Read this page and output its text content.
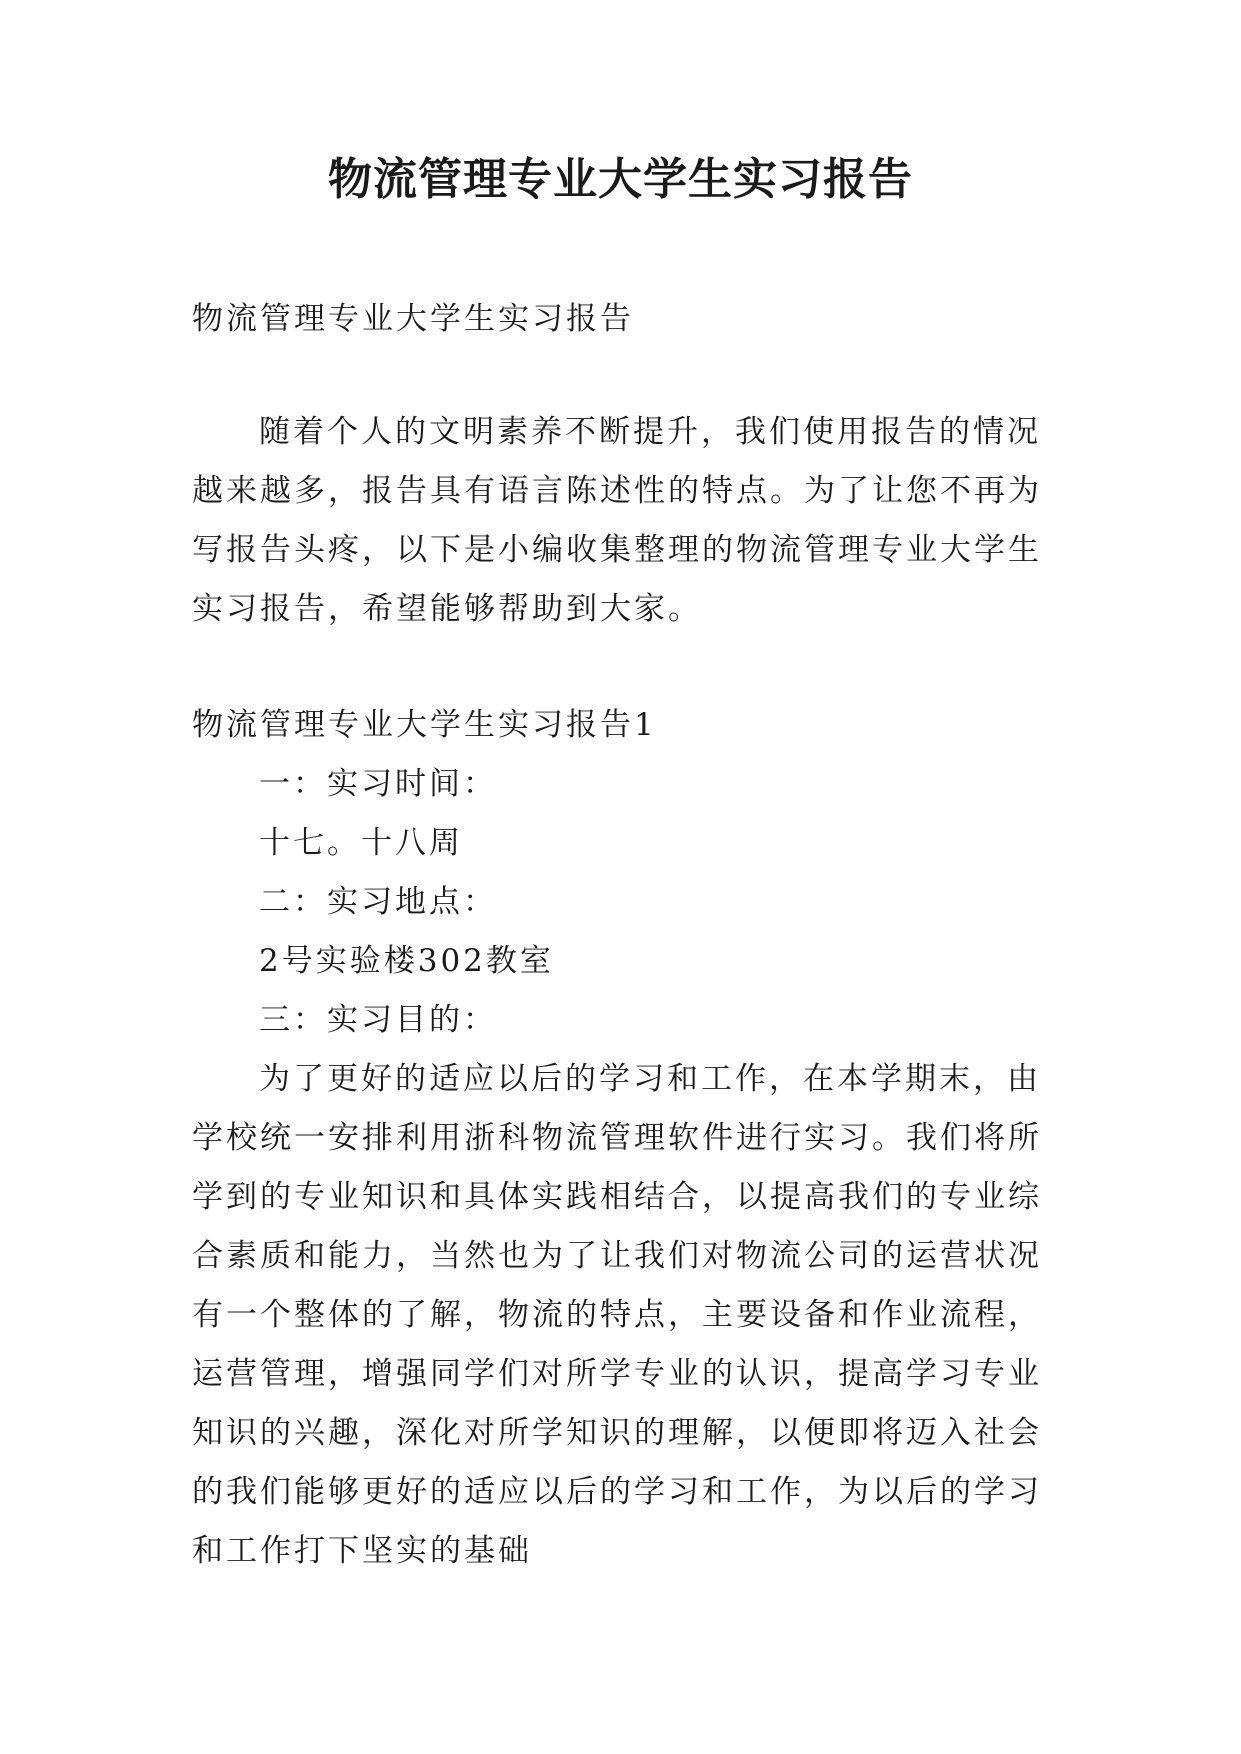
物流管理专业大学生实习报告
物流管理专业大学生实习报告
随着个人的文明素养不断提升，我们使用报告的情况越来越多，报告具有语言陈述性的特点。为了让您不再为写报告头疼，以下是小编收集整理的物流管理专业大学生实习报告，希望能够帮助到大家。
物流管理专业大学生实习报告1
一：实习时间：
十七。十八周
二：实习地点：
2号实验楼302教室
三：实习目的：
为了更好的适应以后的学习和工作，在本学期末，由学校统一安排利用浙科物流管理软件进行实习。我们将所学到的专业知识和具体实践相结合，以提高我们的专业综合素质和能力，当然也为了让我们对物流公司的运营状况有一个整体的了解，物流的特点，主要设备和作业流程，运营管理，增强同学们对所学专业的认识，提高学习专业知识的兴趣，深化对所学知识的理解，以便即将迈入社会的我们能够更好的适应以后的学习和工作，为以后的学习和工作打下坚实的基础
